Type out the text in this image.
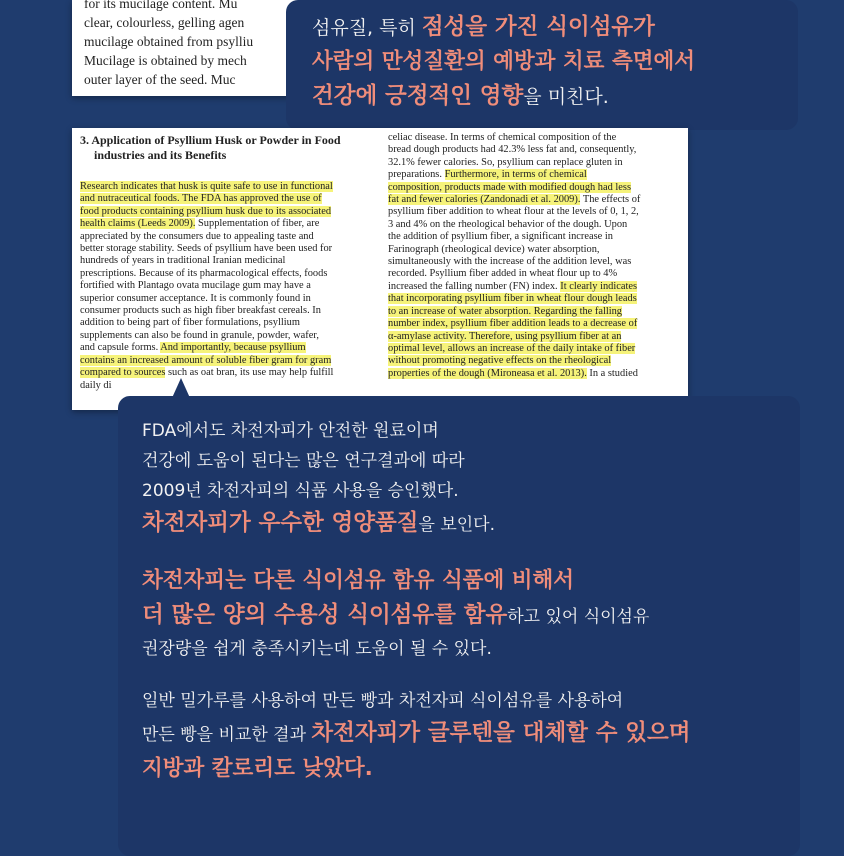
for its mucilage content. Mu
clear, colourless, gelling agen
mucilage obtained from psylliu
Mucilage is obtained by mech
outer layer of the seed. Muc
섬유질, 특히 점성을 가진 식이섬유가
사람의 만성질환의 예방과 치료 측면에서
건강에 긍정적인 영향을 미친다.
3. Application of Psyllium Husk or Powder in Food industries and its Benefits
Research indicates that husk is quite safe to use in functional
and nutraceutical foods. The FDA has approved the use of
food products containing psyllium husk due to its associated
health claims (Leeds 2009). Supplementation of fiber, are
appreciated by the consumers due to appealing taste and
better storage stability. Seeds of psyllium have been used for
hundreds of years in traditional Iranian medicinal
prescriptions. Because of its pharmacological effects, foods
fortified with Plantago ovata mucilage gum may have a
superior consumer acceptance. It is commonly found in
consumer products such as high fiber breakfast cereals. In
addition to being part of fiber formulations, psyllium
supplements can also be found in granule, powder, wafer,
and capsule forms. And importantly, because psyllium
contains an increased amount of soluble fiber gram for gram
compared to sources such as oat bran, its use may help fulfill
daily di
celiac disease. In terms of chemical composition of the
bread dough products had 42.3% less fat and, consequently,
32.1% fewer calories. So, psyllium can replace gluten in
preparations. Furthermore, in terms of chemical
composition, products made with modified dough had less
fat and fewer calories (Zandonadi et al. 2009). The effects of
psyllium fiber addition to wheat flour at the levels of 0, 1, 2,
3 and 4% on the rheological behavior of the dough. Upon
the addition of psyllium fiber, a significant increase in
Farinograph (rheological device) water absorption,
simultaneously with the increase of the addition level, was
recorded. Psyllium fiber added in wheat flour up to 4%
increased the falling number (FN) index. It clearly indicates
that incorporating psyllium fiber in wheat flour dough leads
to an increase of water absorption. Regarding the falling
number index, psyllium fiber addition leads to a decrease of
α-amylase activity. Therefore, using psyllium fiber at an
optimal level, allows an increase of the daily intake of fiber
without promoting negative effects on the rheological
properties of the dough (Mironeasa et al. 2013). In a studied
FDA에서도 차전자피가 안전한 원료이며
건강에 도움이 된다는 많은 연구결과에 따라
2009년 차전자피의 식품 사용을 승인했다.
차전자피가 우수한 영양품질을 보인다.
차전자피는 다른 식이섬유 함유 식품에 비해서
더 많은 양의 수용성 식이섬유를 함유하고 있어 식이섬유
권장량을 쉽게 충족시키는데 도움이 될 수 있다.
일반 밀가루를 사용하여 만든 빵과 차전자피 식이섬유를 사용하여
만든 빵을 비교한 결과 차전자피가 글루텐을 대체할 수 있으며
지방과 칼로리도 낮았다.
